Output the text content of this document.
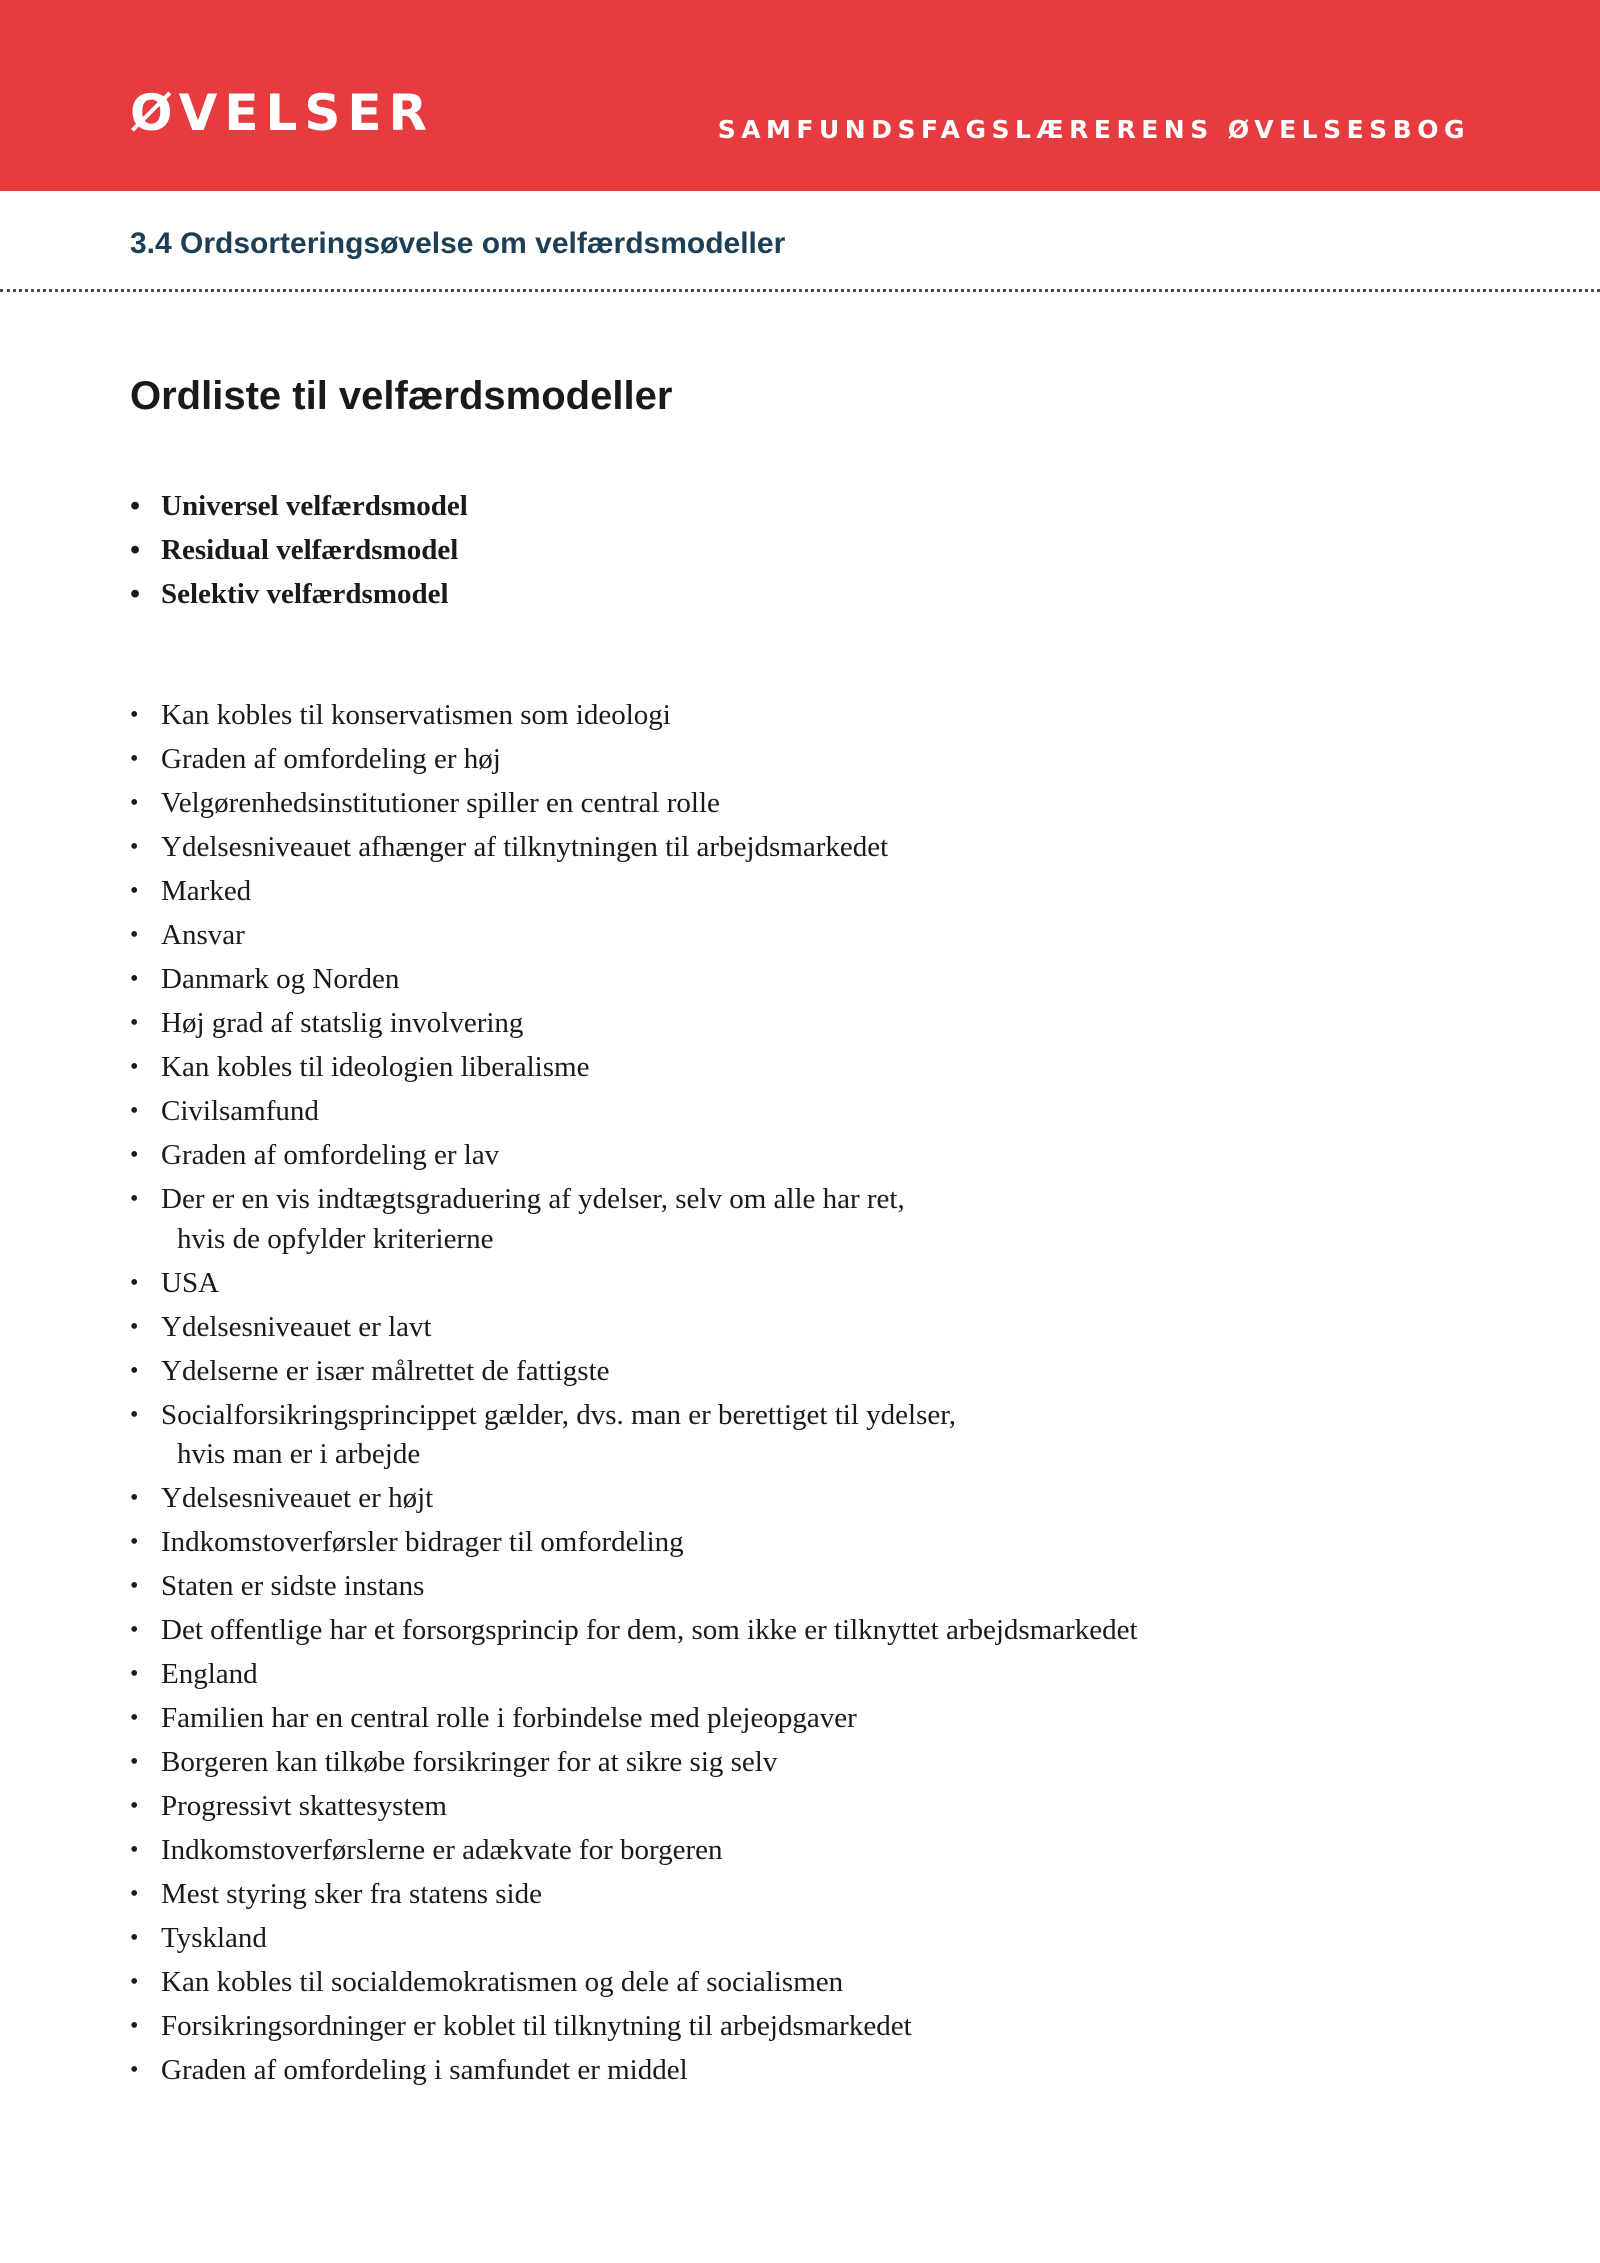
ØVELSER	SAMFUNDSFAGSLÆRERENS ØVELSESBOG
3.4 Ordsorteringsøvelse om velfærdsmodeller
Ordliste til velfærdsmodeller
• Universel velfærdsmodel
• Residual velfærdsmodel
• Selektiv velfærdsmodel
• Kan kobles til konservatismen som ideologi
• Graden af omfordeling er høj
• Velgørenhedsinstitutioner spiller en central rolle
• Ydelsesniveauet afhænger af tilknytningen til arbejdsmarkedet
• Marked
• Ansvar
• Danmark og Norden
• Høj grad af statslig involvering
• Kan kobles til ideologien liberalisme
• Civilsamfund
• Graden af omfordeling er lav
• Der er en vis indtægtsgraduering af ydelser, selv om alle har ret,
hvis de opfylder kriterierne
• USA
• Ydelsesniveauet er lavt
• Ydelserne er især målrettet de fattigste
• Socialforsikringsprincippet gælder, dvs. man er berettiget til ydelser,
hvis man er i arbejde
• Ydelsesniveauet er højt
• Indkomstoverførsler bidrager til omfordeling
• Staten er sidste instans
• Det offentlige har et forsorgsprincip for dem, som ikke er tilknyttet arbejdsmarkedet
• England
• Familien har en central rolle i forbindelse med plejeopgaver
• Borgeren kan tilkøbe forsikringer for at sikre sig selv
• Progressivt skattesystem
• Indkomstoverførslerne er adækvate for borgeren
• Mest styring sker fra statens side
• Tyskland
• Kan kobles til socialdemokratismen og dele af socialismen
• Forsikringsordninger er koblet til tilknytning til arbejdsmarkedet
• Graden af omfordeling i samfundet er middel
